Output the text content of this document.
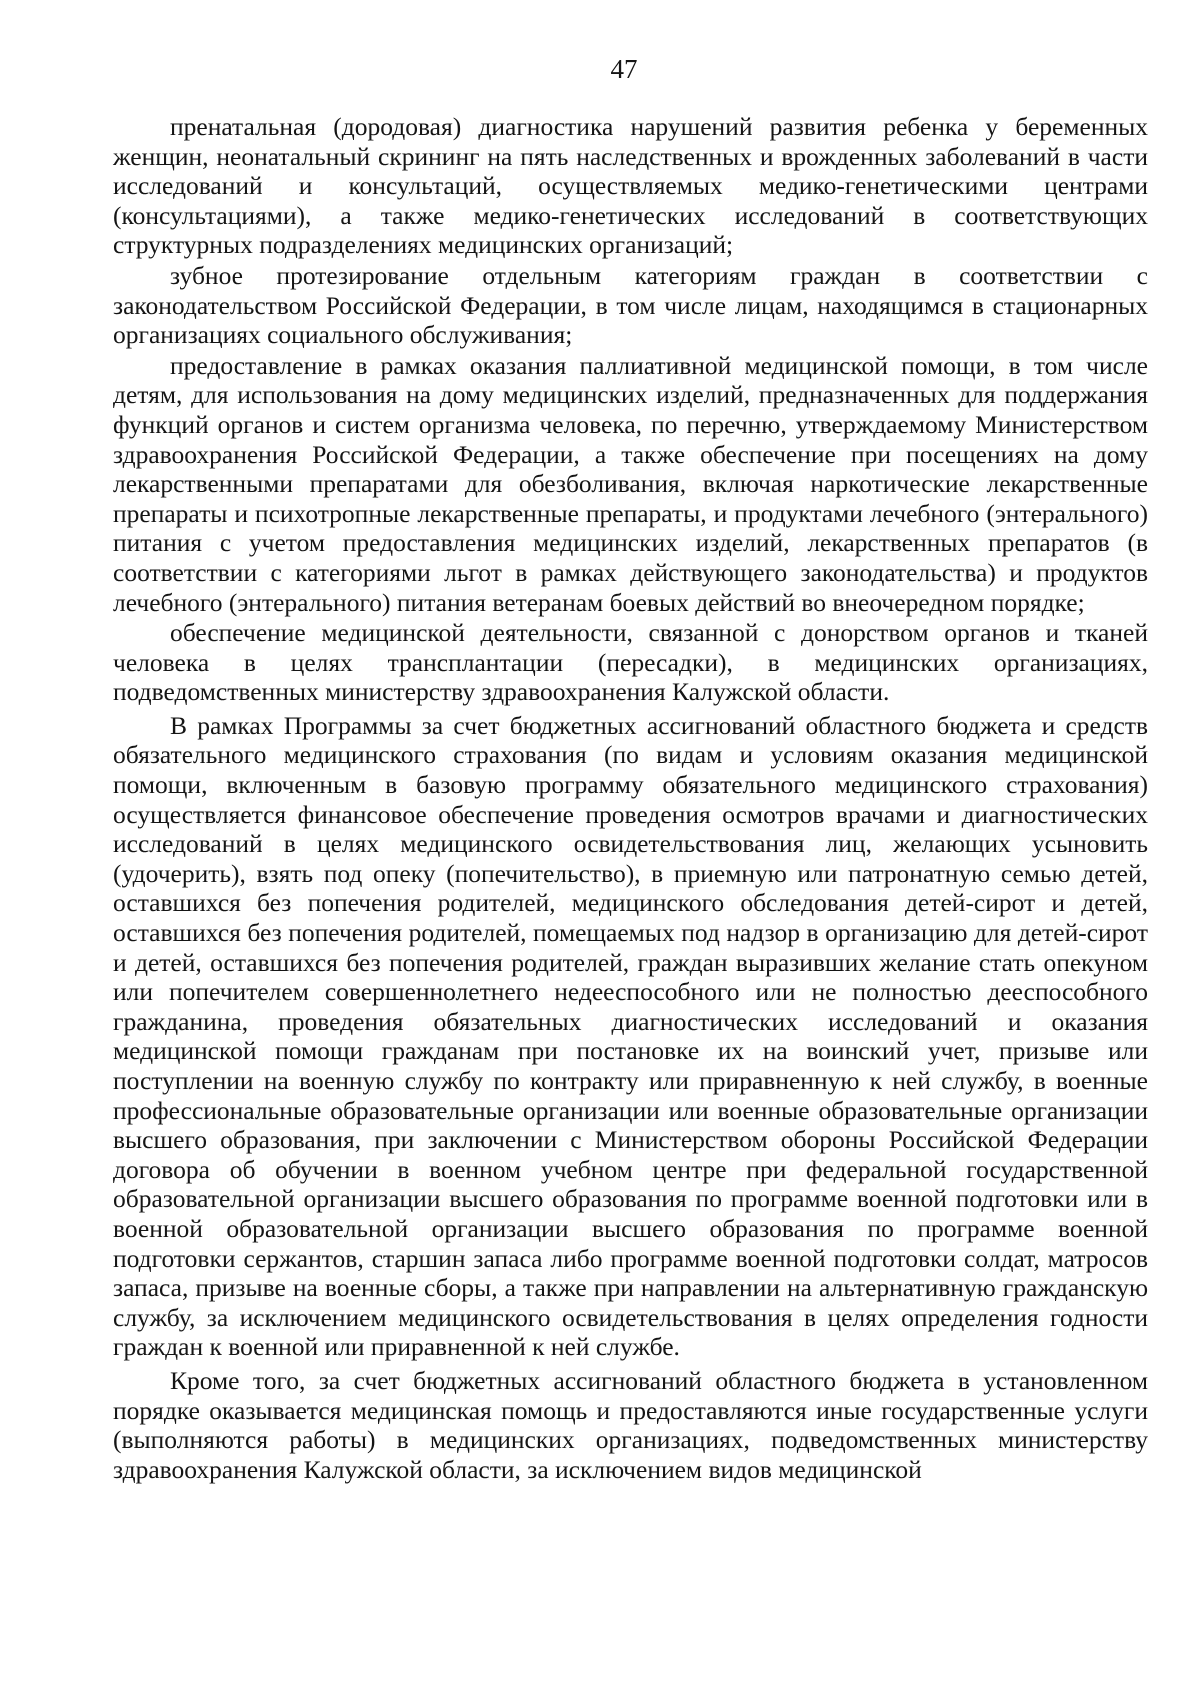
47

пренатальная (дородовая) диагностика нарушений развития ребенка у беременных женщин, неонатальный скрининг на пять наследственных и врожденных заболеваний в части исследований и консультаций, осуществляемых медико-генетическими центрами (консультациями), а также медико-генетических исследований в соответствующих структурных подразделениях медицинских организаций;

зубное протезирование отдельным категориям граждан в соответствии с законодательством Российской Федерации, в том числе лицам, находящимся в стационарных организациях социального обслуживания;

предоставление в рамках оказания паллиативной медицинской помощи, в том числе детям, для использования на дому медицинских изделий, предназначенных для поддержания функций органов и систем организма человека, по перечню, утверждаемому Министерством здравоохранения Российской Федерации, а также обеспечение при посещениях на дому лекарственными препаратами для обезболивания, включая наркотические лекарственные препараты и психотропные лекарственные препараты, и продуктами лечебного (энтерального) питания с учетом предоставления медицинских изделий, лекарственных препаратов (в соответствии с категориями льгот в рамках действующего законодательства) и продуктов лечебного (энтерального) питания ветеранам боевых действий во внеочередном порядке;

обеспечение медицинской деятельности, связанной с донорством органов и тканей человека в целях трансплантации (пересадки), в медицинских организациях, подведомственных министерству здравоохранения Калужской области.

В рамках Программы за счет бюджетных ассигнований областного бюджета и средств обязательного медицинского страхования (по видам и условиям оказания медицинской помощи, включенным в базовую программу обязательного медицинского страхования) осуществляется финансовое обеспечение проведения осмотров врачами и диагностических исследований в целях медицинского освидетельствования лиц, желающих усыновить (удочерить), взять под опеку (попечительство), в приемную или патронатную семью детей, оставшихся без попечения родителей, медицинского обследования детей-сирот и детей, оставшихся без попечения родителей, помещаемых под надзор в организацию для детей-сирот и детей, оставшихся без попечения родителей, граждан выразивших желание стать опекуном или попечителем совершеннолетнего недееспособного или не полностью дееспособного гражданина, проведения обязательных диагностических исследований и оказания медицинской помощи гражданам при постановке их на воинский учет, призыве или поступлении на военную службу по контракту или приравненную к ней службу, в военные профессиональные образовательные организации или военные образовательные организации высшего образования, при заключении с Министерством обороны Российской Федерации договора об обучении в военном учебном центре при федеральной государственной образовательной организации высшего образования по программе военной подготовки или в военной образовательной организации высшего образования по программе военной подготовки сержантов, старшин запаса либо программе военной подготовки солдат, матросов запаса, призыве на военные сборы, а также при направлении на альтернативную гражданскую службу, за исключением медицинского освидетельствования в целях определения годности граждан к военной или приравненной к ней службе.

Кроме того, за счет бюджетных ассигнований областного бюджета в установленном порядке оказывается медицинская помощь и предоставляются иные государственные услуги (выполняются работы) в медицинских организациях, подведомственных министерству здравоохранения Калужской области, за исключением видов медицинской
